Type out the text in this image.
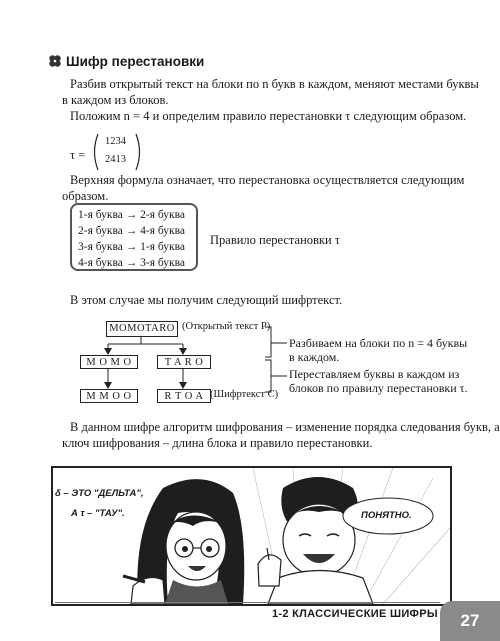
Шифр перестановки
Разбив открытый текст на блоки по n букв в каждом, меняют местами буквы
в каждом из блоков.
Положим n = 4 и определим правило перестановки τ следующим образом.
τ =
1234
2413
Верхняя формула означает, что перестановка осуществляется следующим
образом.
1-я буква → 2-я буква
2-я буква → 4-я буква
3-я буква → 1-я буква
4-я буква → 3-я буква
Правило перестановки τ
В этом случае мы получим следующий шифртекст.
MOMOTARO (Открытый текст P)
M O M O	T A R O
M M O O	R T O A (Шифртекст C)
Разбиваем на блоки по n = 4 буквы
в каждом.
Переставляем буквы в каждом из
блоков по правилу перестановки τ.
В данном шифре алгоритм шифрования – изменение порядка следования букв, а
ключ шифрования – длина блока и правило перестановки.
δ – ЭТО "ДЕЛЬТА",
А τ – "ТАУ".	ПОНЯТНО.
1-2 КЛАССИЧЕСКИЕ ШИФРЫ	27
